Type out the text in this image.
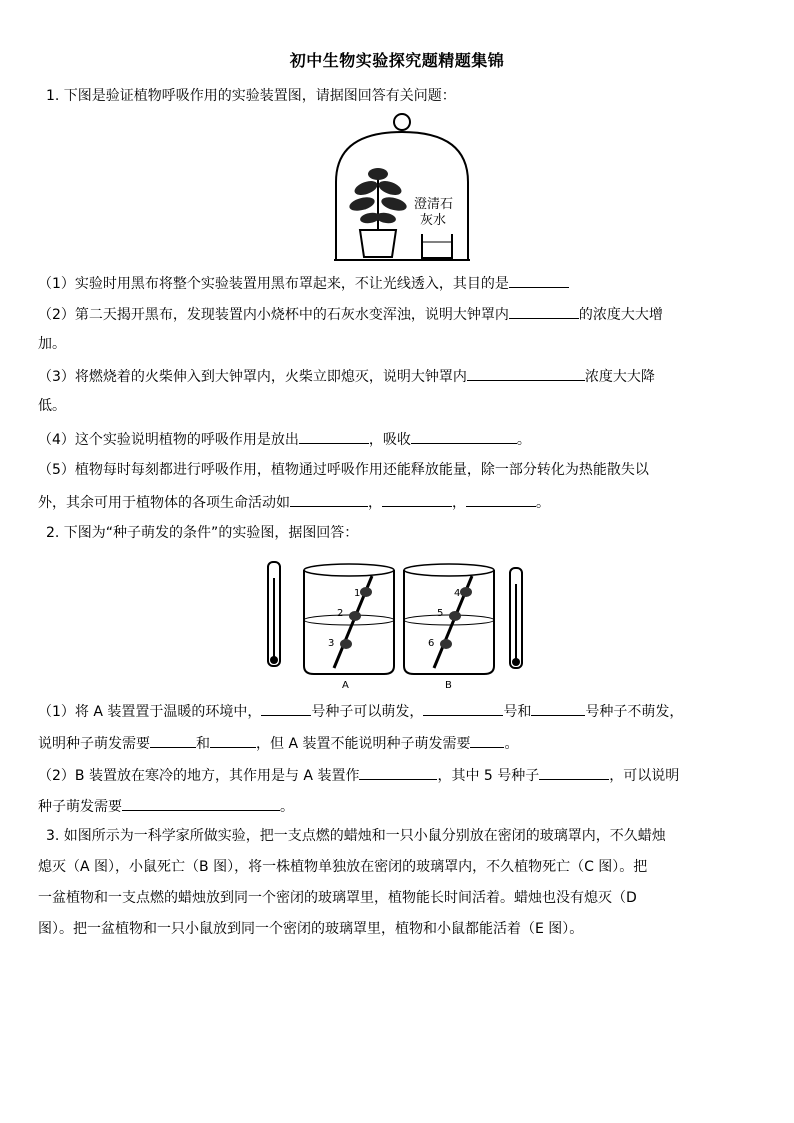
初中生物实验探究题精题集锦
1. 下图是验证植物呼吸作用的实验装置图，请据图回答有关问题：
澄清石
灰水
（1）实验时用黑布将整个实验装置用黑布罩起来，不让光线透入，其目的是
（2）第二天揭开黑布，发现装置内小烧杯中的石灰水变浑浊，说明大钟罩内	的浓度大大增
加。
（3）将燃烧着的火柴伸入到大钟罩内，火柴立即熄灭，说明大钟罩内	浓度大大降
低。
（4）这个实验说明植物的呼吸作用是放出	，吸收	。
（5）植物每时每刻都进行呼吸作用，植物通过呼吸作用还能释放能量，除一部分转化为热能散失以
外，其余可用于植物体的各项生命活动如	，	，	。
2. 下图为“种子萌发的条件”的实验图，据图回答：
1
2
3
A
4
5
6
B
（1）将 A 装置置于温暖的环境中，	号种子可以萌发，	号和	号种子不萌发，
说明种子萌发需要	和	，但 A 装置不能说明种子萌发需要 。
（2）B 装置放在寒冷的地方，其作用是与 A 装置作	，其中 5 号种子	，可以说明
种子萌发需要	。
3. 如图所示为一科学家所做实验，把一支点燃的蜡烛和一只小鼠分别放在密闭的玻璃罩内，不久蜡烛
熄灭（A 图），小鼠死亡（B 图），将一株植物单独放在密闭的玻璃罩内，不久植物死亡（C 图）。把
一盆植物和一支点燃的蜡烛放到同一个密闭的玻璃罩里，植物能长时间活着。蜡烛也没有熄灭（D
图）。把一盆植物和一只小鼠放到同一个密闭的玻璃罩里，植物和小鼠都能活着（E 图）。
